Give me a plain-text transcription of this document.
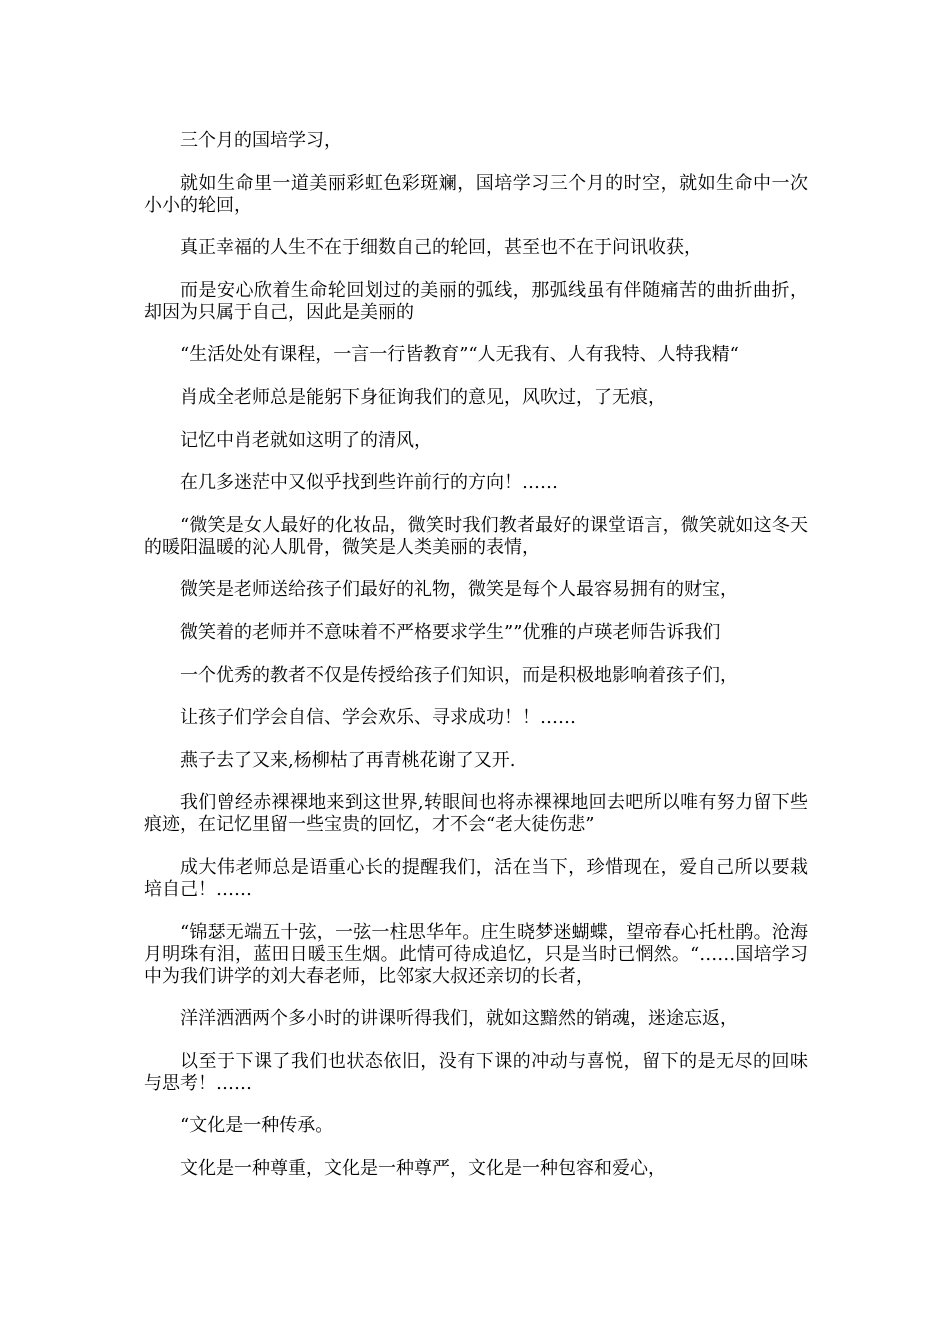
三个月的国培学习，

就如生命里一道美丽彩虹色彩斑斓，国培学习三个月的时空，就如生命中一次小小的轮回，

真正幸福的人生不在于细数自己的轮回，甚至也不在于问讯收获，

而是安心欣着生命轮回划过的美丽的弧线，那弧线虽有伴随痛苦的曲折曲折，却因为只属于自己，因此是美丽的

“生活处处有课程，一言一行皆教育”“人无我有、人有我特、人特我精“

肖成全老师总是能躬下身征询我们的意见，风吹过，了无痕，

记忆中肖老就如这明了的清风，

在几多迷茫中又似乎找到些许前行的方向！……

“微笑是女人最好的化妆品，微笑时我们教者最好的课堂语言，微笑就如这冬天的暖阳温暖的沁人肌骨，微笑是人类美丽的表情，

微笑是老师送给孩子们最好的礼物，微笑是每个人最容易拥有的财宝，

微笑着的老师并不意味着不严格要求学生””优雅的卢瑛老师告诉我们

一个优秀的教者不仅是传授给孩子们知识，而是积极地影响着孩子们，

让孩子们学会自信、学会欢乐、寻求成功！！……

燕子去了又来,杨柳枯了再青桃花谢了又开.

我们曾经赤裸裸地来到这世界,转眼间也将赤裸裸地回去吧所以唯有努力留下些痕迹，在记忆里留一些宝贵的回忆，才不会“老大徒伤悲”

成大伟老师总是语重心长的提醒我们，活在当下，珍惜现在，爱自己所以要栽培自己！……

“锦瑟无端五十弦，一弦一柱思华年。庄生晓梦迷蝴蝶，望帝春心托杜鹃。沧海月明珠有泪，蓝田日暖玉生烟。此情可待成追忆，只是当时已惘然。“……国培学习中为我们讲学的刘大春老师，比邻家大叔还亲切的长者，

洋洋洒洒两个多小时的讲课听得我们，就如这黯然的销魂，迷途忘返，

以至于下课了我们也状态依旧，没有下课的冲动与喜悦，留下的是无尽的回味与思考！……

“文化是一种传承。

文化是一种尊重，文化是一种尊严，文化是一种包容和爱心，
